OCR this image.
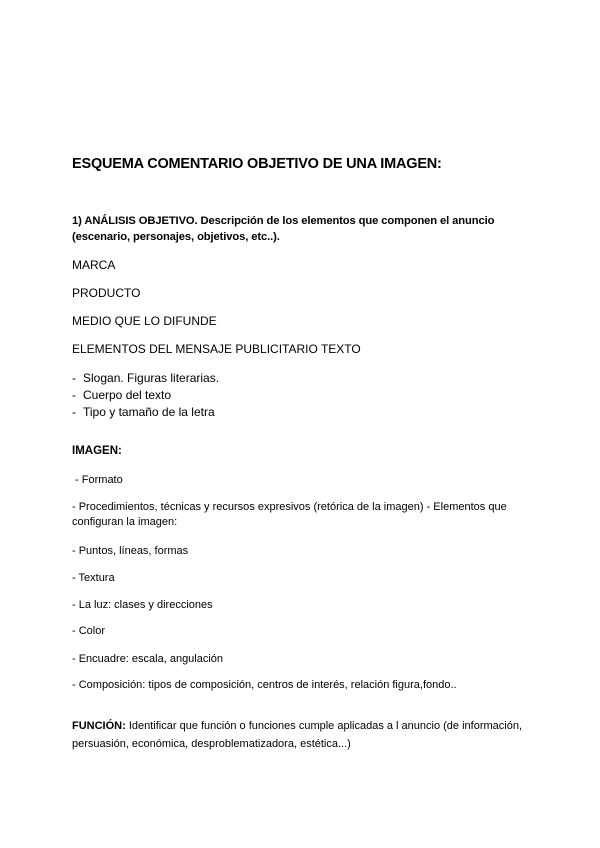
ESQUEMA COMENTARIO OBJETIVO DE UNA IMAGEN:
1) ANÁLISIS OBJETIVO. Descripción de los elementos que componen el anuncio (escenario, personajes, objetivos, etc..).
MARCA
PRODUCTO
MEDIO QUE LO DIFUNDE
ELEMENTOS DEL MENSAJE PUBLICITARIO TEXTO
- Slogan. Figuras literarias.
- Cuerpo del texto
- Tipo y tamaño de la letra
IMAGEN:
- Formato
- Procedimientos, técnicas y recursos expresivos (retórica de la imagen) - Elementos que configuran la imagen:
- Puntos, líneas, formas
- Textura
- La luz: clases y direcciones
- Color
- Encuadre: escala, angulación
- Composición: tipos de composición, centros de interés, relación figura,fondo..
FUNCIÓN: Identificar que función o funciones cumple aplicadas a l anuncio (de información, persuasión, económica, desproblematizadora, estética...)
